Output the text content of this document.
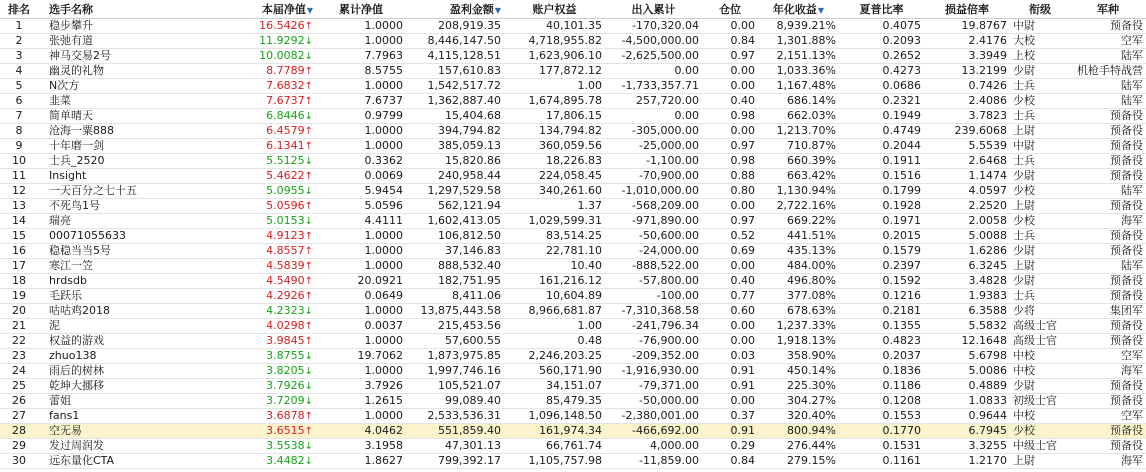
排名	选手名称	本届净值▼	累计净值	盈利金额▼	账户权益	出入累计	仓位	年化收益▼	夏普比率	损益倍率	衔级	军种
1	稳步攀升	16.5426↑	1.0000	208,919.35	40,101.35	-170,320.04	0.00	8,939.21%	0.4075	19.8767 中尉	预备役
2	张弛有道	11.9292↓	1.0000	8,446,147.50	4,718,955.82	-4,500,000.00	0.84	1,301.88%	0.2093	2.4176 大校	空军
3	神马交易2号	10.0082↓	7.7963	4,115,128.51	1,623,906.10	-2,625,500.00	0.97	2,151.13%	0.2652	3.3949 上校	陆军
4	幽灵的礼物	8.7789↑	8.5755	157,610.83	177,872.12	0.00	0.00	1,033.36%	0.4273	13.2199 少尉	机枪手特战营
5	N次方	7.6832↑	1.0000	1,542,517.72	1.00	-1,733,357.71	0.00	1,167.48%	0.0686	0.7426 士兵	陆军
6	韭菜	7.6737↑	7.6737	1,362,887.40	1,674,895.78	257,720.00	0.40	686.14%	0.2321	2.4086 少校	陆军
7	简单晴天	6.8446↓	0.9799	15,404.68	17,806.15	0.00	0.98	662.03%	0.1949	3.7823 士兵	预备役
8	沧海一粟888	6.4579↑	1.0000	394,794.82	134,794.82	-305,000.00	0.00	1,213.70%	0.4749	239.6068 上尉	预备役
9	十年磨一剑	6.1341↑	1.0000	385,059.13	360,059.56	-25,000.00	0.97	710.87%	0.2044	5.5539 中尉	预备役
10	士兵_2520	5.5125↓	0.3362	15,820.86	18,226.83	-1,100.00	0.98	660.39%	0.1911	2.6468 士兵	预备役
11	Insight	5.4622↑	0.0069	240,958.44	224,058.45	-70,900.00	0.88	663.42%	0.1516	1.1474 少尉	预备役
12	一天百分之七十五	5.0955↓	5.9454	1,297,529.58	340,261.60	-1,010,000.00	0.80	1,130.94%	0.1799	4.0597 少校	陆军
13	不死鸟1号	5.0596↑	5.0596	562,121.94	1.37	-568,209.00	0.00	2,722.16%	0.1928	2.2520 上尉	预备役
14	瑞亮	5.0153↓	4.4111	1,602,413.05	1,029,599.31	-971,890.00	0.97	669.22%	0.1971	2.0058 少校	海军
15	00071055633	4.9123↑	1.0000	106,812.50	83,514.25	-50,600.00	0.52	441.51%	0.2015	5.0088 士兵	预备役
16	稳稳当当5号	4.8557↑	1.0000	37,146.83	22,781.10	-24,000.00	0.69	435.13%	0.1579	1.6286 少尉	预备役
17	寒江一笠	4.5839↑	1.0000	888,532.40	10.40	-888,522.00	0.00	484.00%	0.2397	6.3245 上尉	陆军
18	hrdsdb	4.5490↑	20.0921	182,751.95	161,216.12	-57,800.00	0.40	496.80%	0.1592	3.4828 少尉	预备役
19	毛跃乐	4.2926↑	0.0649	8,411.06	10,604.89	-100.00	0.77	377.08%	0.1216	1.9383 士兵	预备役
20	咕咕鸡2018	4.2323↓	1.0000	13,875,443.58	8,966,681.87	-7,310,368.58	0.60	678.63%	0.2181	6.3588 少将	集团军
21	泥	4.0298↑	0.0037	215,453.56	1.00	-241,796.34	0.00	1,237.33%	0.1355	5.5832 高级士官	预备役
22	权益的游戏	3.9845↑	1.0000	57,600.55	0.48	-76,900.00	0.00	1,918.13%	0.4823	12.1648 高级士官	预备役
23	zhuo138	3.8755↓	19.7062	1,873,975.85	2,246,203.25	-209,352.00	0.03	358.90%	0.2037	5.6798 中校	空军
24	雨后的树林	3.8205↓	1.0000	1,997,746.16	560,171.90	-1,916,930.00	0.91	450.14%	0.1836	5.0086 中校	海军
25	乾坤大挪移	3.7926↓	3.7926	105,521.07	34,151.07	-79,371.00	0.91	225.30%	0.1186	0.4889 少尉	预备役
26	蕾姐	3.7209↓	1.2615	99,089.40	85,479.35	-50,000.00	0.00	304.27%	0.1208	1.0833 初级士官	预备役
27	fans1	3.6878↑	1.0000	2,533,536.31	1,096,148.50	-2,380,001.00	0.37	320.40%	0.1553	0.9644 中校	空军
28	空无易	3.6515↑	4.0462	551,859.40	161,974.34	-466,692.00	0.91	800.94%	0.1770	6.7945 少校	预备役
29	发过周润发	3.5538↓	3.1958	47,301.13	66,761.74	4,000.00	0.29	276.44%	0.1531	3.3255 中级士官	预备役
30	远东量化CTA	3.4482↓	1.8627	799,392.17	1,105,757.98	-11,859.00	0.84	279.15%	0.1161	1.2170 上尉	海军
